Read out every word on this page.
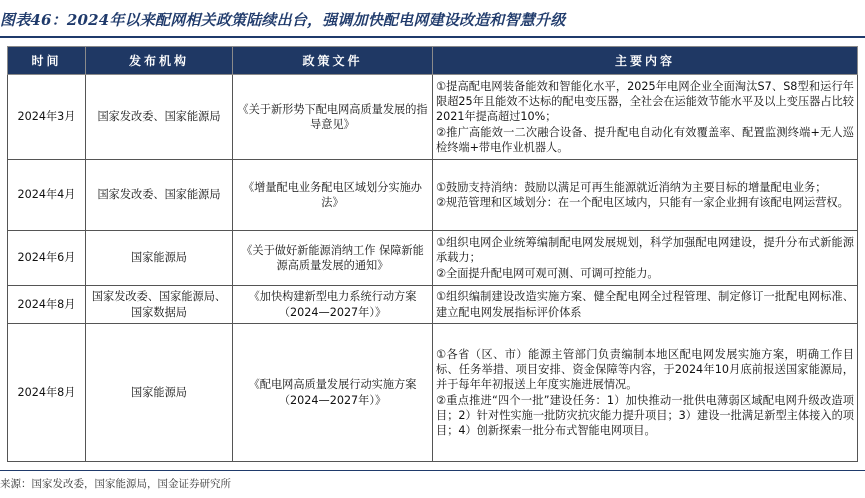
图表46：2024年以来配网相关政策陆续出台，强调加快配电网建设改造和智慧升级
时间	发布机构	政策文件	主要内容
2024年3月	国家发改委、国家能源局	《关于新形势下配电网高质量发展的指导意见》	①提高配电网装备能效和智能化水平，2025年电网企业全面淘汰S7、S8型和运行年限超25年且能效不达标的配电变压器，全社会在运能效节能水平及以上变压器占比较2021年提高超过10%；
②推广高能效一二次融合设备、提升配电自动化有效覆盖率、配置监测终端+无人巡检终端+带电作业机器人。

2024年4月	国家发改委、国家能源局	《增量配电业务配电区域划分实施办法》	①鼓励支持消纳：鼓励以满足可再生能源就近消纳为主要目标的增量配电业务；
②规范管理和区域划分：在一个配电区域内，只能有一家企业拥有该配电网运营权。

2024年6月	国家能源局	《关于做好新能源消纳工作 保障新能源高质量发展的通知》	①组织电网企业统筹编制配电网发展规划，科学加强配电网建设，提升分布式新能源承载力；
②全面提升配电网可观可测、可调可控能力。

2024年8月	国家发改委、国家能源局、国家数据局	《加快构建新型电力系统行动方案（2024—2027年）》	①组织编制建设改造实施方案、健全配电网全过程管理、制定修订一批配电网标准、建立配电网发展指标评价体系

2024年8月	国家能源局	《配电网高质量发展行动实施方案（2024—2027年）》	①各省（区、市）能源主管部门负责编制本地区配电网发展实施方案，明确工作目标、任务举措、项目安排、资金保障等内容，于2024年10月底前报送国家能源局，并于每年年初报送上年度实施进展情况。
②重点推进“四个一批”建设任务：1）加快推动一批供电薄弱区域配电网升级改造项目；2）针对性实施一批防灾抗灾能力提升项目；3）建设一批满足新型主体接入的项目；4）创新探索一批分布式智能电网项目。
来源：国家发改委，国家能源局，国金证券研究所
